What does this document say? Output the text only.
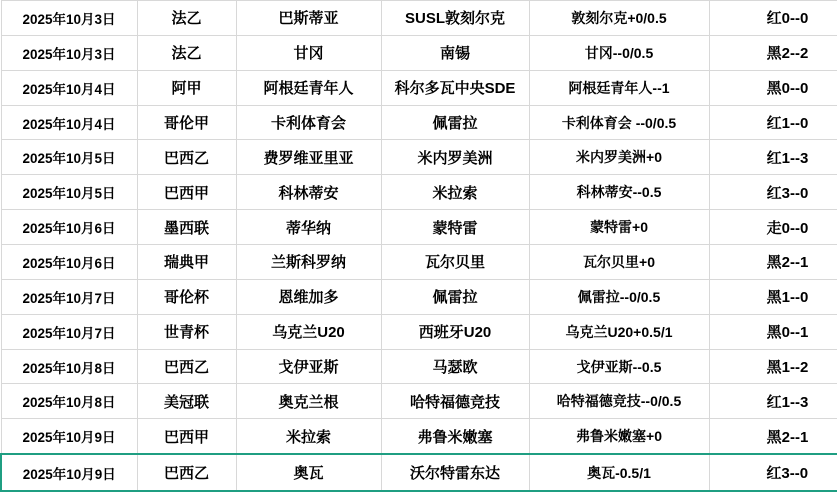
2025年10月3日	法乙	巴斯蒂亚	SUSL敦刻尔克	敦刻尔克+0/0.5	红0--0
2025年10月3日	法乙	甘冈	南锡	甘冈--0/0.5	黑2--2
2025年10月4日	阿甲	阿根廷青年人	科尔多瓦中央SDE	阿根廷青年人--1	黑0--0
2025年10月4日	哥伦甲	卡利体育会	佩雷拉	卡利体育会 --0/0.5	红1--0
2025年10月5日	巴西乙	费罗维亚里亚	米内罗美洲	米内罗美洲+0	红1--3
2025年10月5日	巴西甲	科林蒂安	米拉索	科林蒂安--0.5	红3--0
2025年10月6日	墨西联	蒂华纳	蒙特雷	蒙特雷+0	走0--0
2025年10月6日	瑞典甲	兰斯科罗纳	瓦尔贝里	瓦尔贝里+0	黑2--1
2025年10月7日	哥伦杯	恩维加多	佩雷拉	佩雷拉--0/0.5	黑1--0
2025年10月7日	世青杯	乌克兰U20	西班牙U20	乌克兰U20+0.5/1	黑0--1
2025年10月8日	巴西乙	戈伊亚斯	马瑟欧	戈伊亚斯--0.5	黑1--2
2025年10月8日	美冠联	奥克兰根	哈特福德竞技	哈特福德竞技--0/0.5	红1--3
2025年10月9日	巴西甲	米拉索	弗鲁米嫩塞	弗鲁米嫩塞+0	黑2--1
2025年10月9日	巴西乙	奥瓦	沃尔特雷东达	奥瓦-0.5/1	红3--0
